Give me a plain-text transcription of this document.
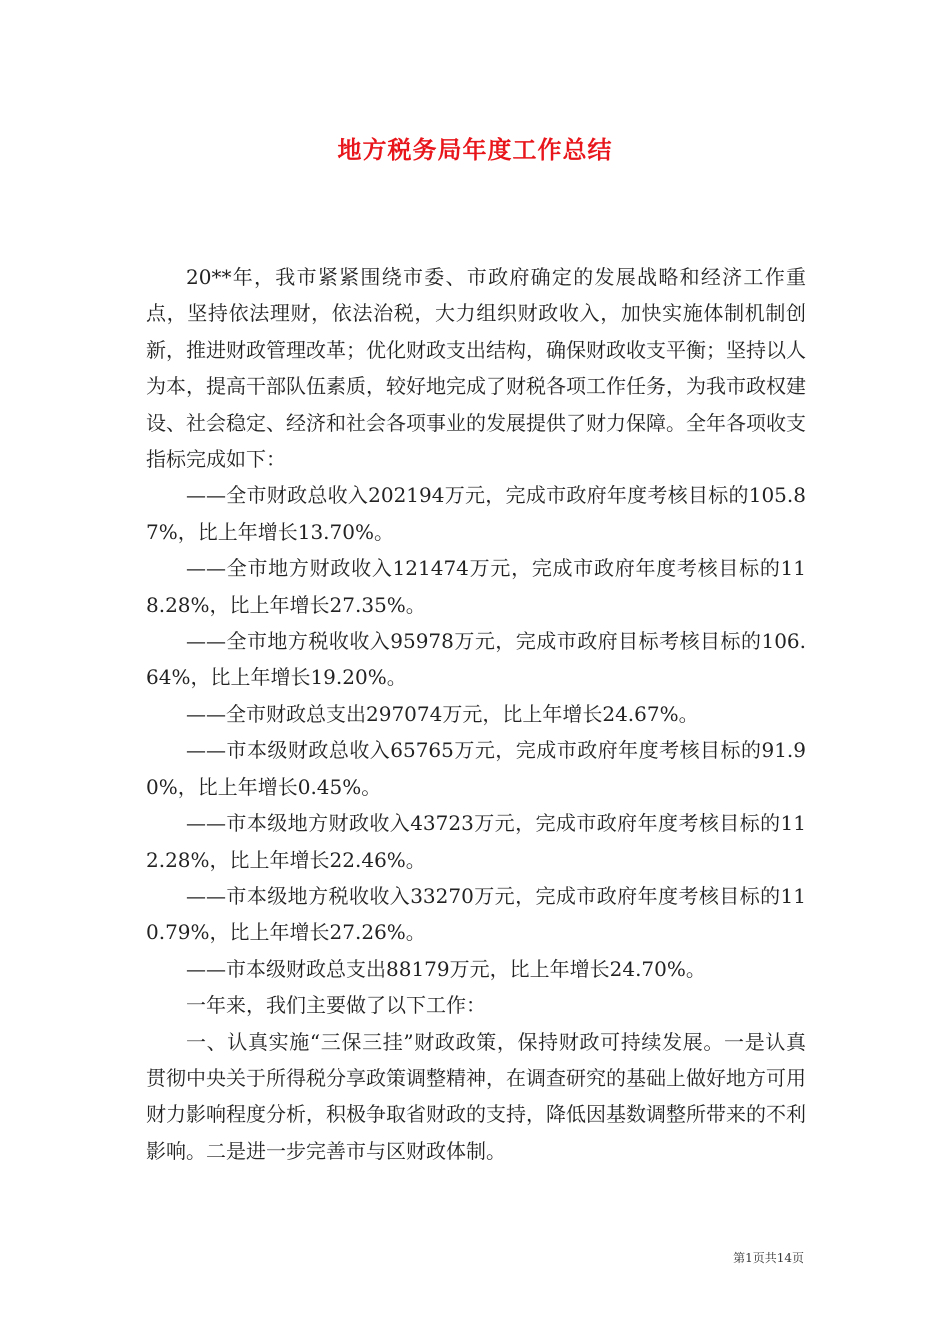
地方税务局年度工作总结

20**年，我市紧紧围绕市委、市政府确定的发展战略和经济工作重点，坚持依法理财，依法治税，大力组织财政收入，加快实施体制机制创新，推进财政管理改革；优化财政支出结构，确保财政收支平衡；坚持以人为本，提高干部队伍素质，较好地完成了财税各项工作任务，为我市政权建设、社会稳定、经济和社会各项事业的发展提供了财力保障。全年各项收支指标完成如下：

——全市财政总收入202194万元，完成市政府年度考核目标的105.87%，比上年增长13.70%。

——全市地方财政收入121474万元，完成市政府年度考核目标的118.28%，比上年增长27.35%。

——全市地方税收收入95978万元，完成市政府目标考核目标的106.64%，比上年增长19.20%。

——全市财政总支出297074万元，比上年增长24.67%。

——市本级财政总收入65765万元，完成市政府年度考核目标的91.90%，比上年增长0.45%。

——市本级地方财政收入43723万元，完成市政府年度考核目标的112.28%，比上年增长22.46%。

——市本级地方税收收入33270万元，完成市政府年度考核目标的110.79%，比上年增长27.26%。

——市本级财政总支出88179万元，比上年增长24.70%。

一年来，我们主要做了以下工作：

一、认真实施“三保三挂”财政政策，保持财政可持续发展。一是认真贯彻中央关于所得税分享政策调整精神，在调查研究的基础上做好地方可用财力影响程度分析，积极争取省财政的支持，降低因基数调整所带来的不利影响。二是进一步完善市与区财政体制。

第1页共14页
